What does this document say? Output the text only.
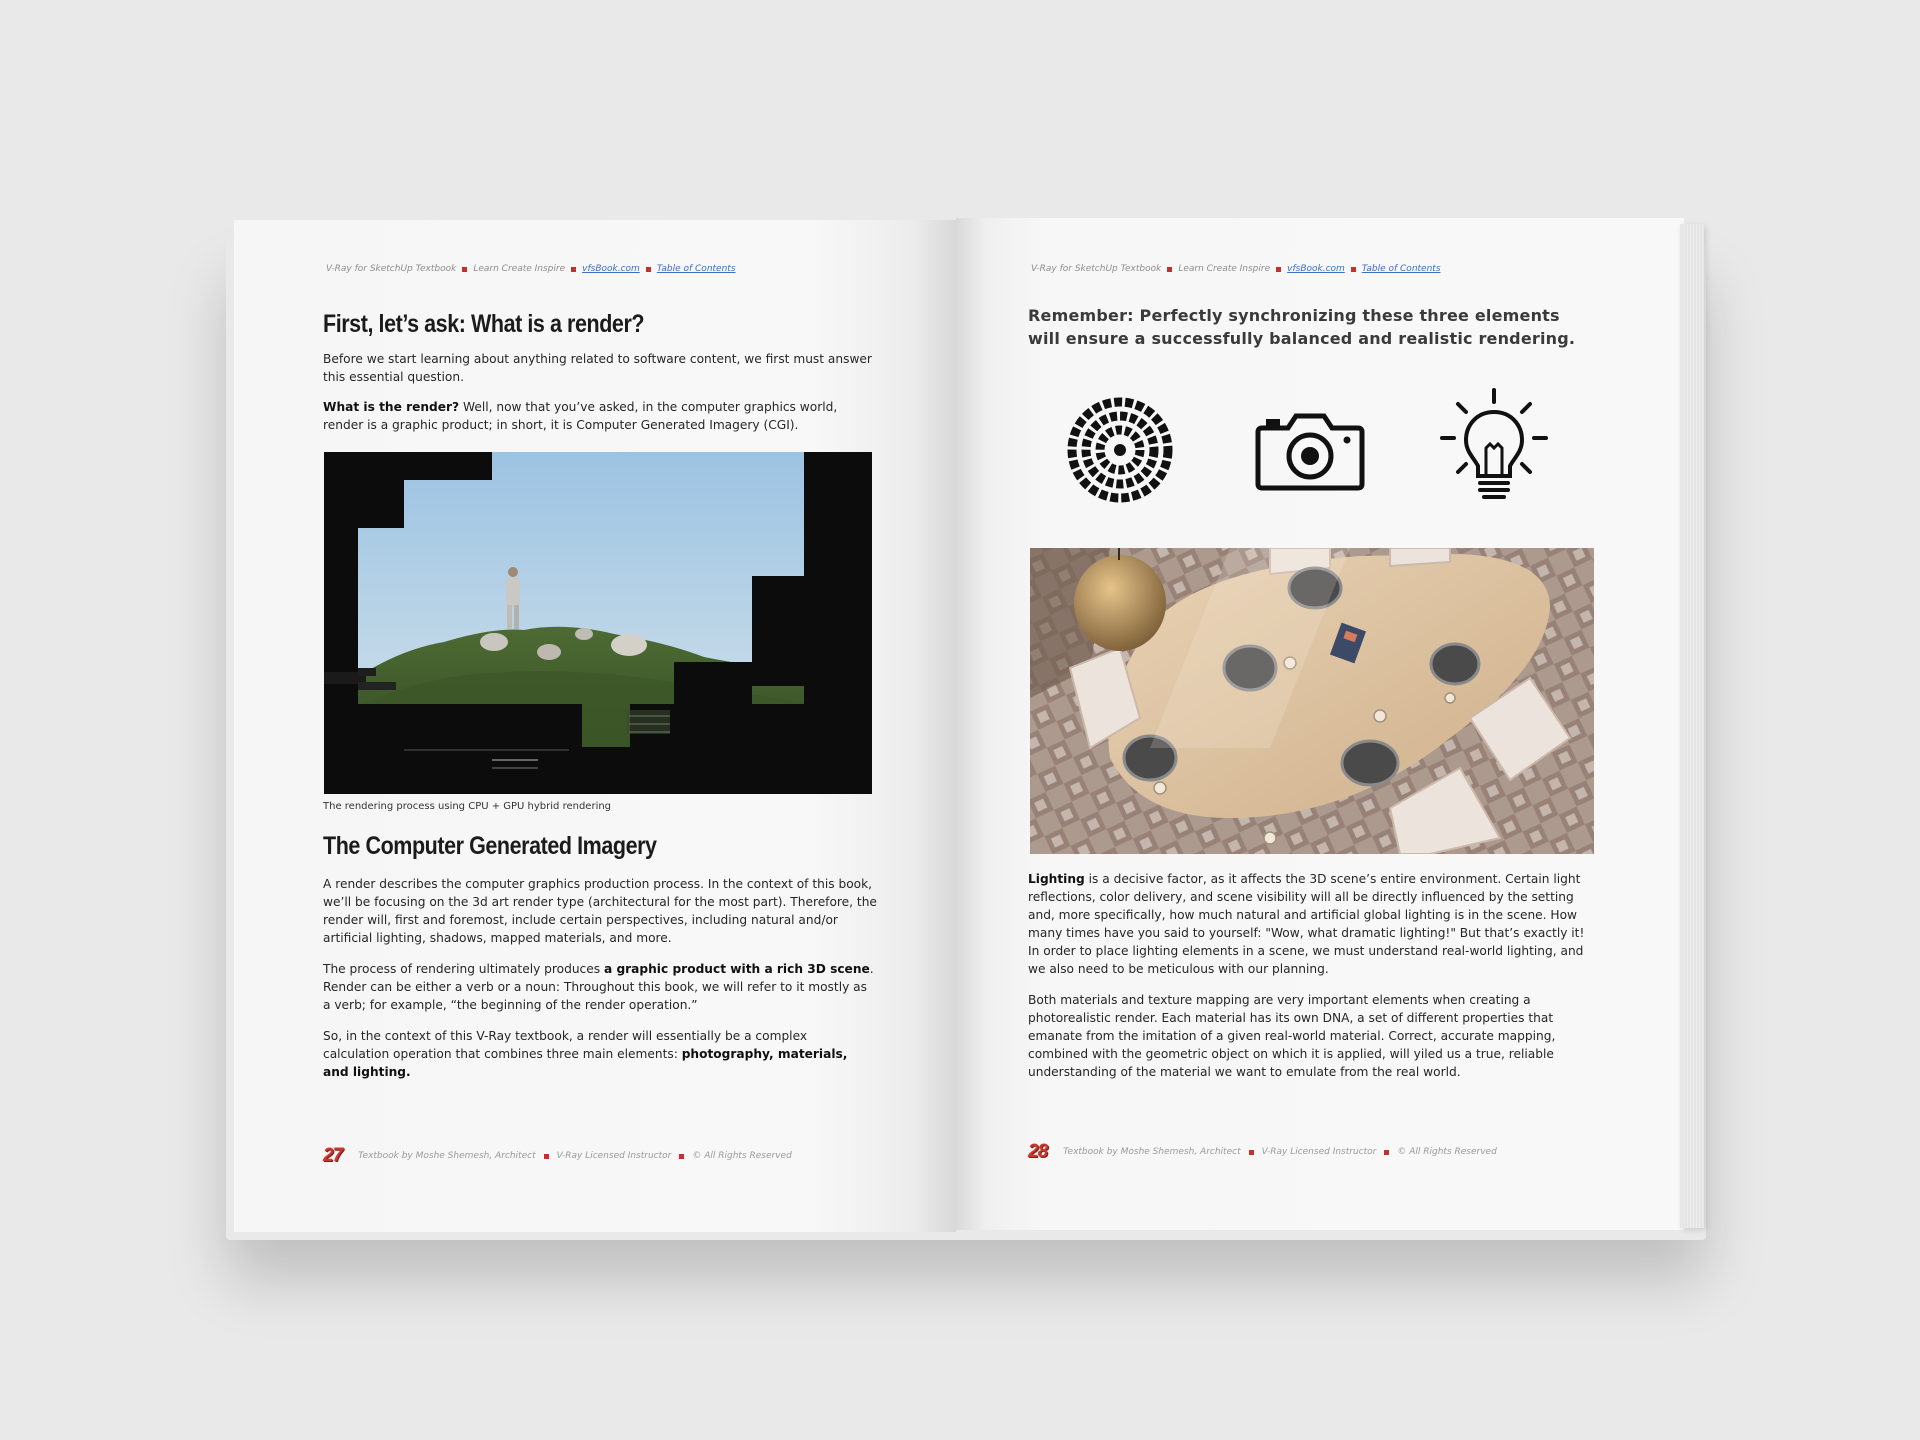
V-Ray for SketchUp Textbook Learn Create Inspire vfsBook.com Table of Contents
First, let’s ask: What is a render?

Before we start learning about anything related to software content, we first must answer this essential question.

What is the render? Well, now that you’ve asked, in the computer graphics world, render is a graphic product; in short, it is Computer Generated Imagery (CGI).

The rendering process using CPU + GPU hybrid rendering
The Computer Generated Imagery

A render describes the computer graphics production process. In the context of this book, we’ll be focusing on the 3d art render type (architectural for the most part). Therefore, the render will, first and foremost, include certain perspectives, including natural and/or artificial lighting, shadows, mapped materials, and more.

The process of rendering ultimately produces a graphic product with a rich 3D scene. Render can be either a verb or a noun: Throughout this book, we will refer to it mostly as a verb; for example, “the beginning of the render operation.”

So, in the context of this V-Ray textbook, a render will essentially be a complex calculation operation that combines three main elements: photography, materials, and lighting.

27 Textbook by Moshe Shemesh, Architect V-Ray Licensed Instructor © All Rights Reserved
V-Ray for SketchUp Textbook Learn Create Inspire vfsBook.com Table of Contents

Remember: Perfectly synchronizing these three elements will ensure a successfully balanced and realistic rendering.

Lighting is a decisive factor, as it affects the 3D scene’s entire environment. Certain light reflections, color delivery, and scene visibility will all be directly influenced by the setting and, more specifically, how much natural and artificial global lighting is in the scene. How many times have you said to yourself: "Wow, what dramatic lighting!" But that’s exactly it! In order to place lighting elements in a scene, we must understand real-world lighting, and we also need to be meticulous with our planning.

Both materials and texture mapping are very important elements when creating a photorealistic render. Each material has its own DNA, a set of different properties that emanate from the imitation of a given real-world material. Correct, accurate mapping, combined with the geometric object on which it is applied, will yiled us a true, reliable understanding of the material we want to emulate from the real world.

28 Textbook by Moshe Shemesh, Architect V-Ray Licensed Instructor © All Rights Reserved
